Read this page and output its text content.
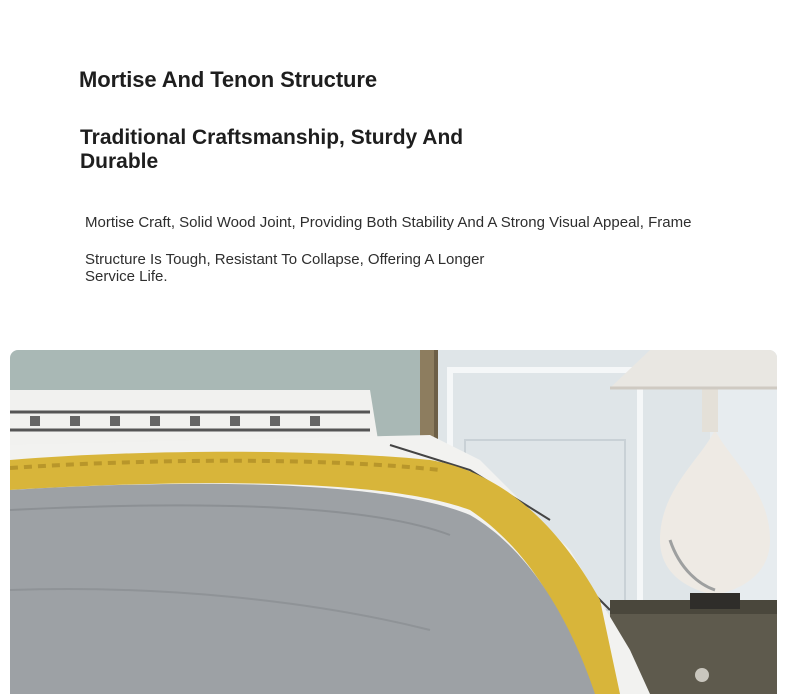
Mortise And Tenon Structure
Traditional Craftsmanship, Sturdy And Durable
Mortise Craft, Solid Wood Joint, Providing Both Stability And A Strong Visual Appeal, Frame
Structure Is Tough, Resistant To Collapse, Offering A Longer Service Life.
